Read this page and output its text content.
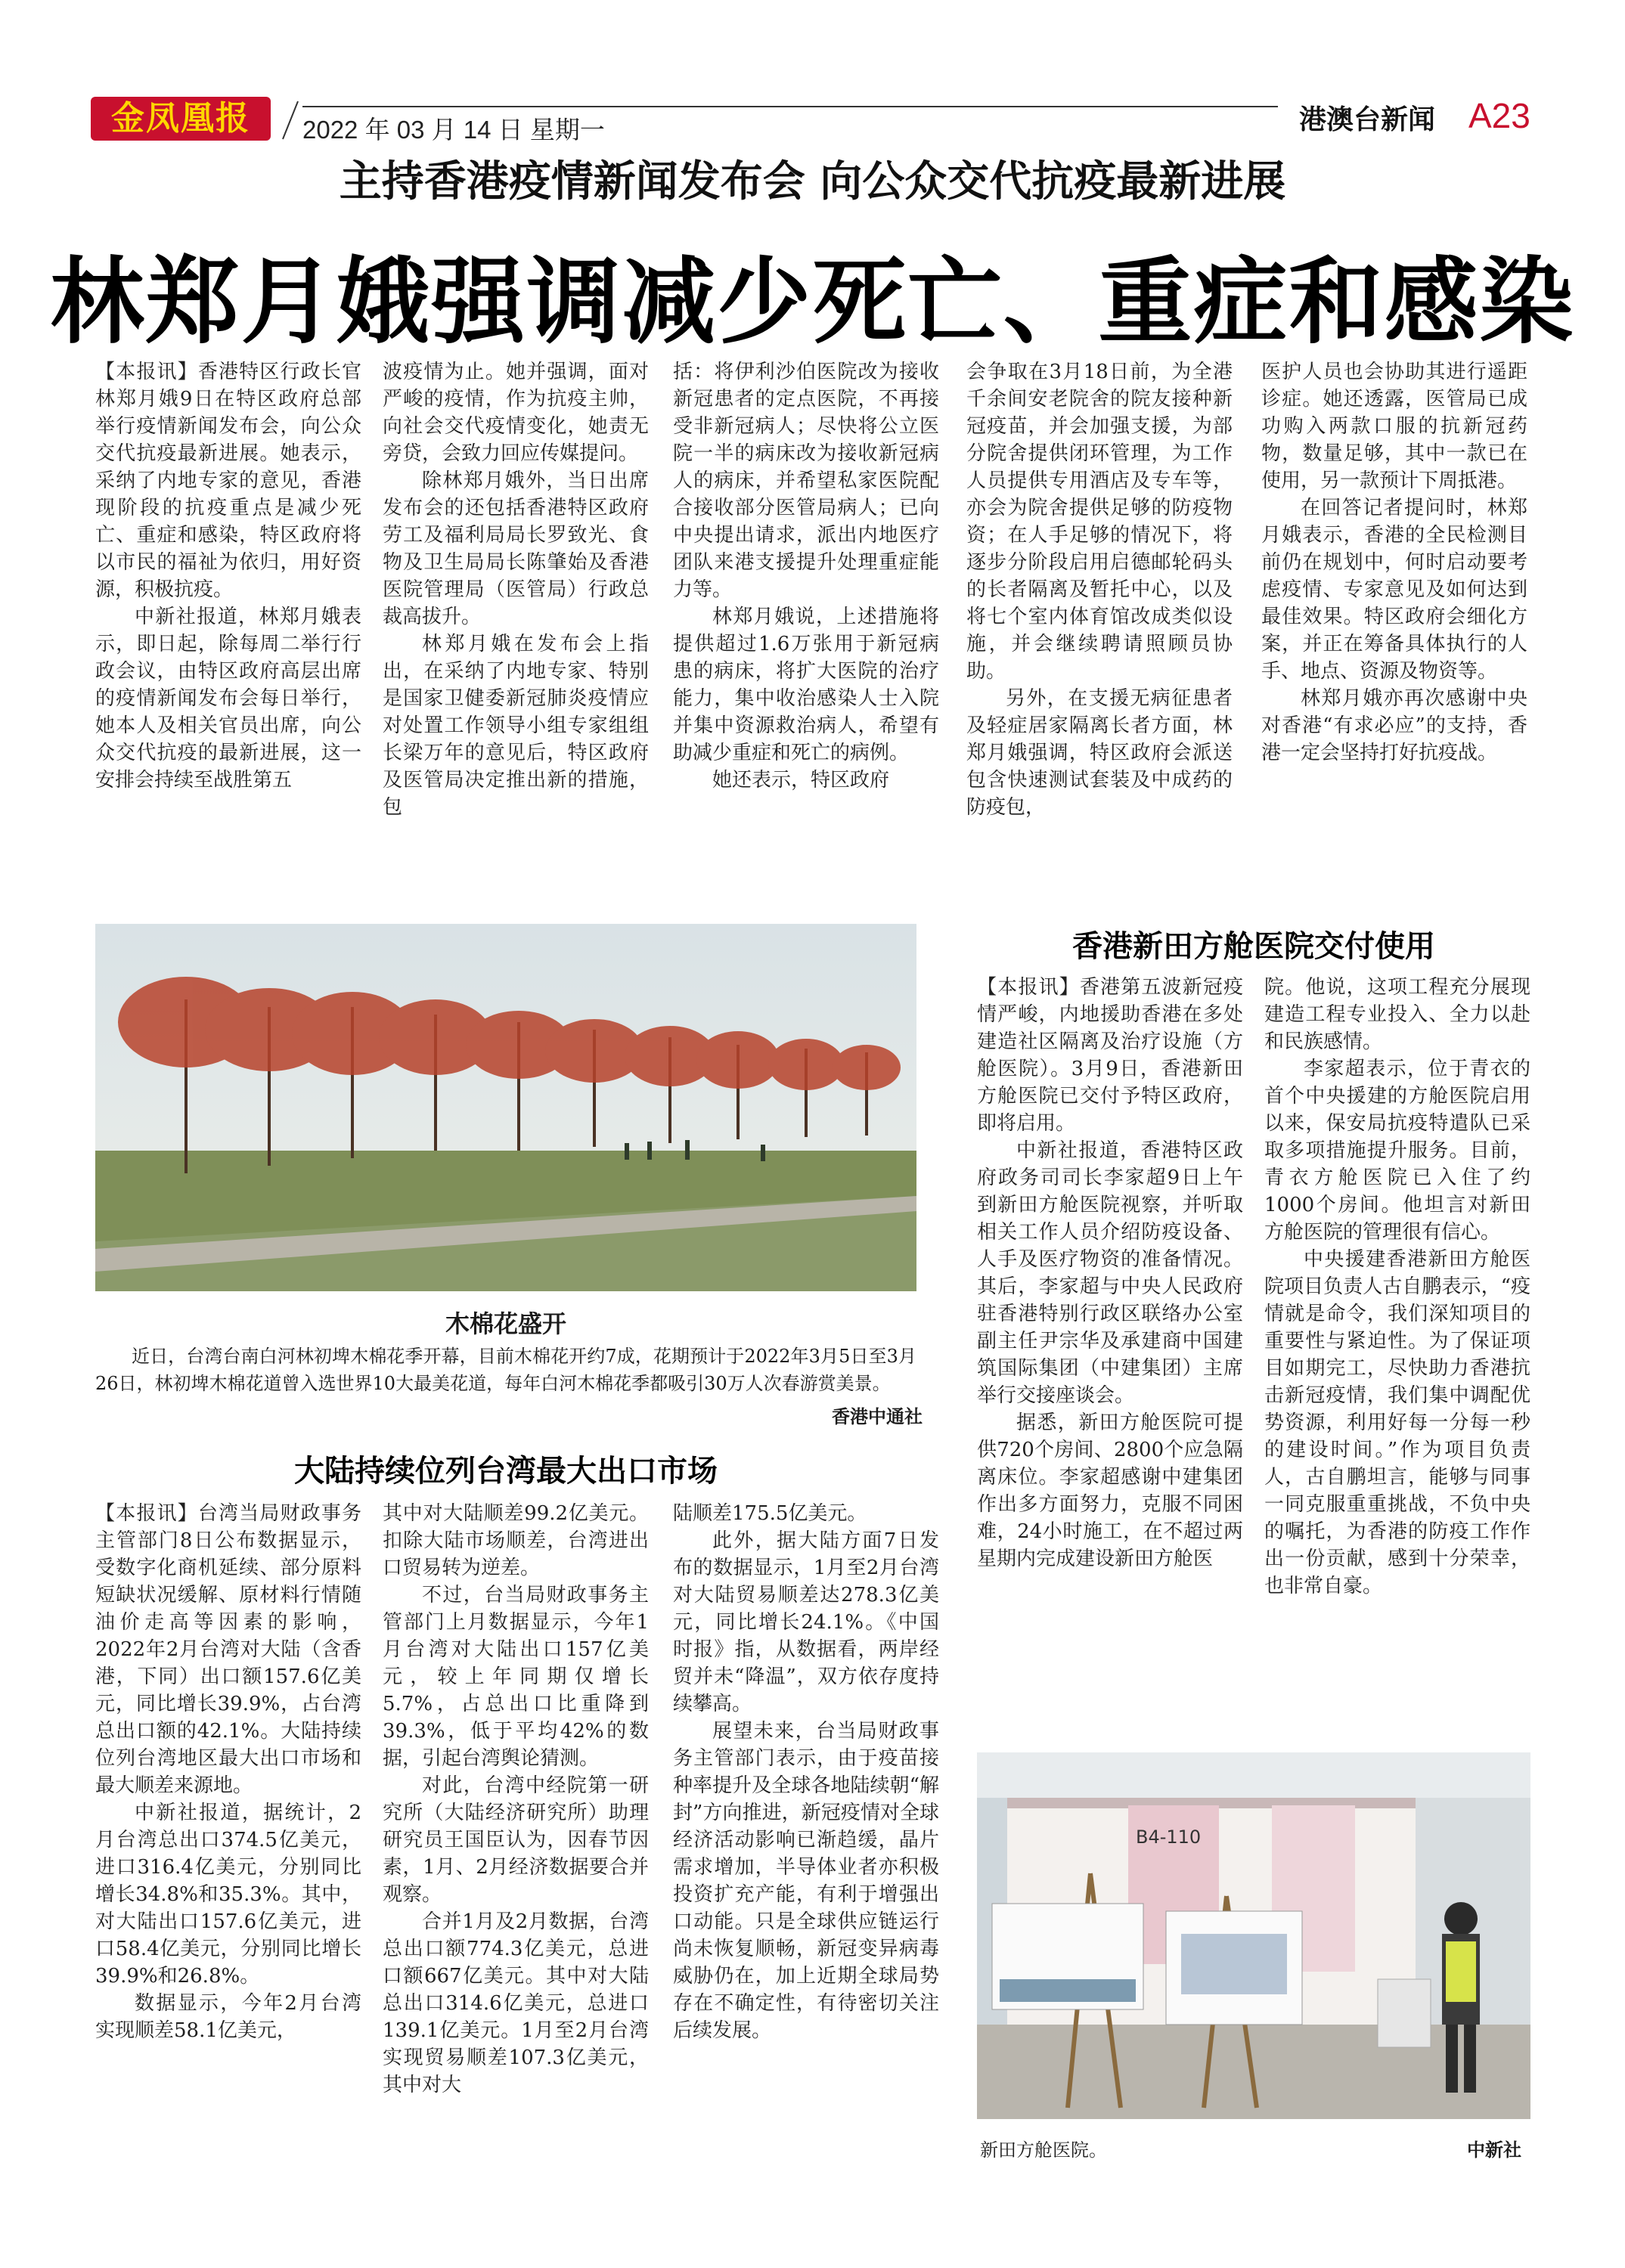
金凤凰报	2022 年 03 月 14 日 星期一	港澳台新闻 A23
主持香港疫情新闻发布会 向公众交代抗疫最新进展
林郑月娥强调减少死亡、重症和感染

【本报讯】香港特区行政长官林郑月娥9日在特区政府总部举行疫情新闻发布会，向公众交代抗疫最新进展。她表示，采纳了内地专家的意见，香港现阶段的抗疫重点是减少死亡、重症和感染，特区政府将以市民的福祉为依归，用好资源，积极抗疫。

中新社报道，林郑月娥表示，即日起，除每周二举行行政会议，由特区政府高层出席的疫情新闻发布会每日举行，她本人及相关官员出席，向公众交代抗疫的最新进展，这一安排会持续至战胜第五

波疫情为止。她并强调，面对严峻的疫情，作为抗疫主帅，向社会交代疫情变化，她责无旁贷，会致力回应传媒提问。

除林郑月娥外，当日出席发布会的还包括香港特区政府劳工及福利局局长罗致光、食物及卫生局局长陈肇始及香港医院管理局（医管局）行政总裁高拔升。

林郑月娥在发布会上指出，在采纳了内地专家、特别是国家卫健委新冠肺炎疫情应对处置工作领导小组专家组组长梁万年的意见后，特区政府及医管局决定推出新的措施，包

括：将伊利沙伯医院改为接收新冠患者的定点医院，不再接受非新冠病人；尽快将公立医院一半的病床改为接收新冠病人的病床，并希望私家医院配合接收部分医管局病人；已向中央提出请求，派出内地医疗团队来港支援提升处理重症能力等。

林郑月娥说，上述措施将提供超过1.6万张用于新冠病患的病床，将扩大医院的治疗能力，集中收治感染人士入院并集中资源救治病人，希望有助减少重症和死亡的病例。

她还表示，特区政府

会争取在3月18日前，为全港千余间安老院舍的院友接种新冠疫苗，并会加强支援，为部分院舍提供闭环管理，为工作人员提供专用酒店及专车等，亦会为院舍提供足够的防疫物资；在人手足够的情况下，将逐步分阶段启用启德邮轮码头的长者隔离及暂托中心，以及将七个室内体育馆改成类似设施，并会继续聘请照顾员协助。

另外，在支援无病征患者及轻症居家隔离长者方面，林郑月娥强调，特区政府会派送包含快速测试套装及中成药的防疫包，

医护人员也会协助其进行遥距诊症。她还透露，医管局已成功购入两款口服的抗新冠药物，数量足够，其中一款已在使用，另一款预计下周抵港。

在回答记者提问时，林郑月娥表示，香港的全民检测目前仍在规划中，何时启动要考虑疫情、专家意见及如何达到最佳效果。特区政府会细化方案，并正在筹备具体执行的人手、地点、资源及物资等。

林郑月娥亦再次感谢中央对香港“有求必应”的支持，香港一定会坚持打好抗疫战。

木棉花盛开
近日，台湾台南白河林初埤木棉花季开幕，目前木棉花开约7成，花期预计于2022年3月5日至3月26日，林初埤木棉花道曾入选世界10大最美花道，每年白河木棉花季都吸引30万人次春游赏美景。
香港中通社
大陆持续位列台湾最大出口市场

【本报讯】台湾当局财政事务主管部门8日公布数据显示，受数字化商机延续、部分原料短缺状况缓解、原材料行情随油价走高等因素的影响，2022年2月台湾对大陆（含香港，下同）出口额157.6亿美元，同比增长39.9%，占台湾总出口额的42.1%。大陆持续位列台湾地区最大出口市场和最大顺差来源地。

中新社报道，据统计，2月台湾总出口374.5亿美元，进口316.4亿美元，分别同比增长34.8%和35.3%。其中，对大陆出口157.6亿美元，进口58.4亿美元，分别同比增长39.9%和26.8%。

数据显示，今年2月台湾实现顺差58.1亿美元，

其中对大陆顺差99.2亿美元。扣除大陆市场顺差，台湾进出口贸易转为逆差。

不过，台当局财政事务主管部门上月数据显示，今年1月台湾对大陆出口157亿美元，较上年同期仅增长5.7%，占总出口比重降到39.3%，低于平均42%的数据，引起台湾舆论猜测。

对此，台湾中经院第一研究所（大陆经济研究所）助理研究员王国臣认为，因春节因素，1月、2月经济数据要合并观察。

合并1月及2月数据，台湾总出口额774.3亿美元，总进口额667亿美元。其中对大陆总出口314.6亿美元，总进口139.1亿美元。1月至2月台湾实现贸易顺差107.3亿美元，其中对大

陆顺差175.5亿美元。

此外，据大陆方面7日发布的数据显示，1月至2月台湾对大陆贸易顺差达278.3亿美元，同比增长24.1%。《中国时报》指，从数据看，两岸经贸并未“降温”，双方依存度持续攀高。

展望未来，台当局财政事务主管部门表示，由于疫苗接种率提升及全球各地陆续朝“解封”方向推进，新冠疫情对全球经济活动影响已渐趋缓，晶片需求增加，半导体业者亦积极投资扩充产能，有利于增强出口动能。只是全球供应链运行尚未恢复顺畅，新冠变异病毒威胁仍在，加上近期全球局势存在不确定性，有待密切关注后续发展。

香港新田方舱医院交付使用

【本报讯】香港第五波新冠疫情严峻，内地援助香港在多处建造社区隔离及治疗设施（方舱医院）。3月9日，香港新田方舱医院已交付予特区政府，即将启用。

中新社报道，香港特区政府政务司司长李家超9日上午到新田方舱医院视察，并听取相关工作人员介绍防疫设备、人手及医疗物资的准备情况。其后，李家超与中央人民政府驻香港特别行政区联络办公室副主任尹宗华及承建商中国建筑国际集团（中建集团）主席举行交接座谈会。

据悉，新田方舱医院可提供720个房间、2800个应急隔离床位。李家超感谢中建集团作出多方面努力，克服不同困难，24小时施工，在不超过两星期内完成建设新田方舱医

院。他说，这项工程充分展现建造工程专业投入、全力以赴和民族感情。

李家超表示，位于青衣的首个中央援建的方舱医院启用以来，保安局抗疫特遣队已采取多项措施提升服务。目前，青衣方舱医院已入住了约1000个房间。他坦言对新田方舱医院的管理很有信心。

中央援建香港新田方舱医院项目负责人古自鹏表示，“疫情就是命令，我们深知项目的重要性与紧迫性。为了保证项目如期完工，尽快助力香港抗击新冠疫情，我们集中调配优势资源，利用好每一分每一秒的建设时间。”作为项目负责人，古自鹏坦言，能够与同事一同克服重重挑战，不负中央的嘱托，为香港的防疫工作作出一份贡献，感到十分荣幸，也非常自豪。

B4-110
新田方舱医院。	中新社
